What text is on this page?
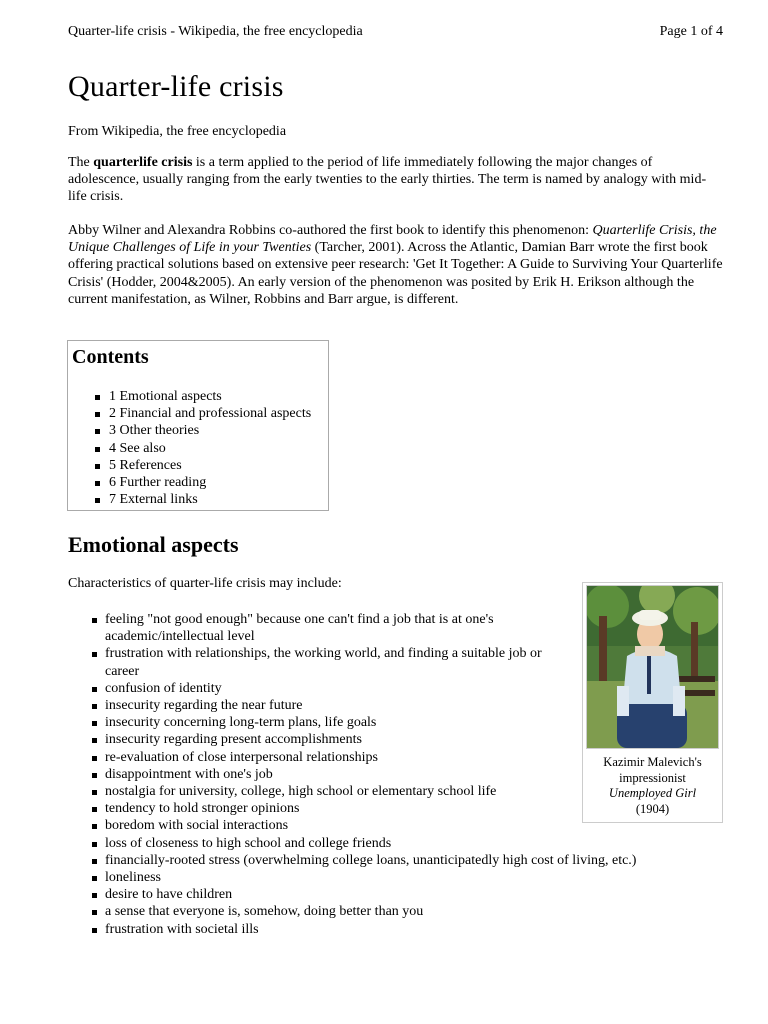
Quarter-life crisis - Wikipedia, the free encyclopedia	Page 1 of 4
Quarter-life crisis
From Wikipedia, the free encyclopedia

The quarterlife crisis is a term applied to the period of life immediately following the major changes of adolescence, usually ranging from the early twenties to the early thirties. The term is named by analogy with mid-life crisis.

Abby Wilner and Alexandra Robbins co-authored the first book to identify this phenomenon: Quarterlife Crisis, the Unique Challenges of Life in your Twenties (Tarcher, 2001). Across the Atlantic, Damian Barr wrote the first book offering practical solutions based on extensive peer research: 'Get It Together: A Guide to Surviving Your Quarterlife Crisis' (Hodder, 2004&2005). An early version of the phenomenon was posited by Erik H. Erikson although the current manifestation, as Wilner, Robbins and Barr argue, is different.

Contents
1 Emotional aspects
2 Financial and professional aspects
3 Other theories
4 See also
5 References
6 Further reading
7 External links
Emotional aspects
Characteristics of quarter-life crisis may include:
feeling "not good enough" because one can't find a job that is at one's academic/intellectual level
frustration with relationships, the working world, and finding a suitable job or career
confusion of identity
insecurity regarding the near future
insecurity concerning long-term plans, life goals
insecurity regarding present accomplishments
re-evaluation of close interpersonal relationships
disappointment with one's job
nostalgia for university, college, high school or elementary school life
tendency to hold stronger opinions
boredom with social interactions
loss of closeness to high school and college friends
financially-rooted stress (overwhelming college loans, unanticipatedly high cost of living, etc.)
loneliness
desire to have children
a sense that everyone is, somehow, doing better than you
frustration with societal ills
Kazimir Malevich's
impressionist
Unemployed Girl
(1904)
